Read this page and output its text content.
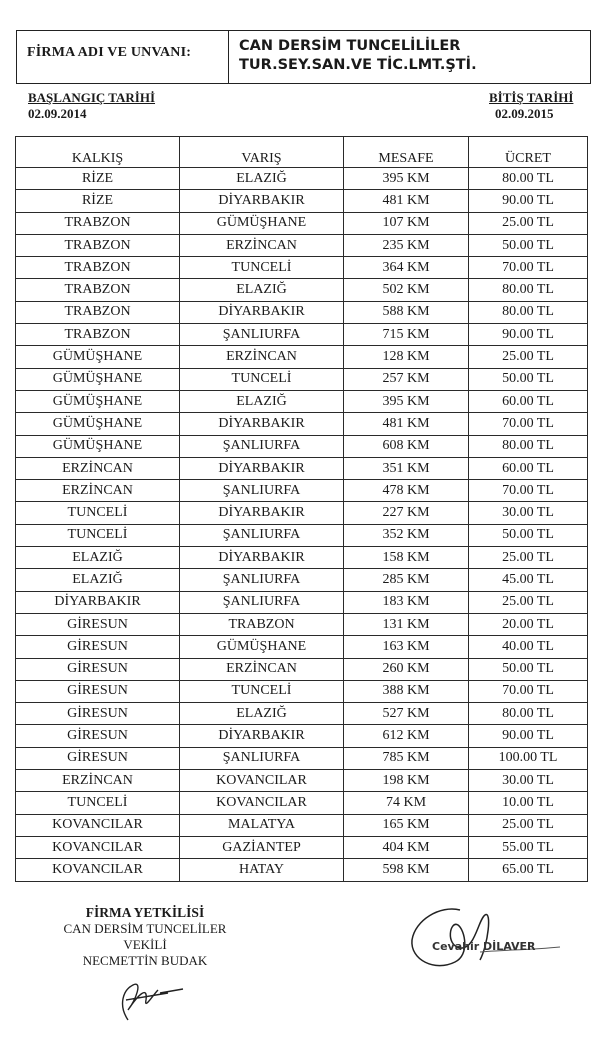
FİRMA ADI VE UNVANI:	CAN DERSİM TUNCELİLİLER TUR.SEY.SAN.VE TİC.LMT.ŞTİ.
BAŞLANGIÇ TARİHİ
02.09.2014
BİTİŞ TARİHİ
02.09.2015
KALKIŞ	VARIŞ	MESAFE	ÜCRET
RİZE	ELAZIĞ	395 KM	80.00 TL
RİZE	DİYARBAKIR	481 KM	90.00 TL
TRABZON	GÜMÜŞHANE	107 KM	25.00 TL
TRABZON	ERZİNCAN	235 KM	50.00 TL
TRABZON	TUNCELİ	364 KM	70.00 TL
TRABZON	ELAZIĞ	502 KM	80.00 TL
TRABZON	DİYARBAKIR	588 KM	80.00 TL
TRABZON	ŞANLIURFA	715 KM	90.00 TL
GÜMÜŞHANE	ERZİNCAN	128 KM	25.00 TL
GÜMÜŞHANE	TUNCELİ	257 KM	50.00 TL
GÜMÜŞHANE	ELAZIĞ	395 KM	60.00 TL
GÜMÜŞHANE	DİYARBAKIR	481 KM	70.00 TL
GÜMÜŞHANE	ŞANLIURFA	608 KM	80.00 TL
ERZİNCAN	DİYARBAKIR	351 KM	60.00 TL
ERZİNCAN	ŞANLIURFA	478 KM	70.00 TL
TUNCELİ	DİYARBAKIR	227 KM	30.00 TL
TUNCELİ	ŞANLIURFA	352 KM	50.00 TL
ELAZIĞ	DİYARBAKIR	158 KM	25.00 TL
ELAZIĞ	ŞANLIURFA	285 KM	45.00 TL
DİYARBAKIR	ŞANLIURFA	183 KM	25.00 TL
GİRESUN	TRABZON	131 KM	20.00 TL
GİRESUN	GÜMÜŞHANE	163 KM	40.00 TL
GİRESUN	ERZİNCAN	260 KM	50.00 TL
GİRESUN	TUNCELİ	388 KM	70.00 TL
GİRESUN	ELAZIĞ	527 KM	80.00 TL
GİRESUN	DİYARBAKIR	612 KM	90.00 TL
GİRESUN	ŞANLIURFA	785 KM	100.00 TL
ERZİNCAN	KOVANCILAR	198 KM	30.00 TL
TUNCELİ	KOVANCILAR	74 KM	10.00 TL
KOVANCILAR	MALATYA	165 KM	25.00 TL
KOVANCILAR	GAZİANTEP	404 KM	55.00 TL
KOVANCILAR	HATAY	598 KM	65.00 TL
FİRMA YETKİLİSİ
CAN DERSİM TUNCELİLER
VEKİLİ
NECMETTİN BUDAK
Cevahir DİLAVER
